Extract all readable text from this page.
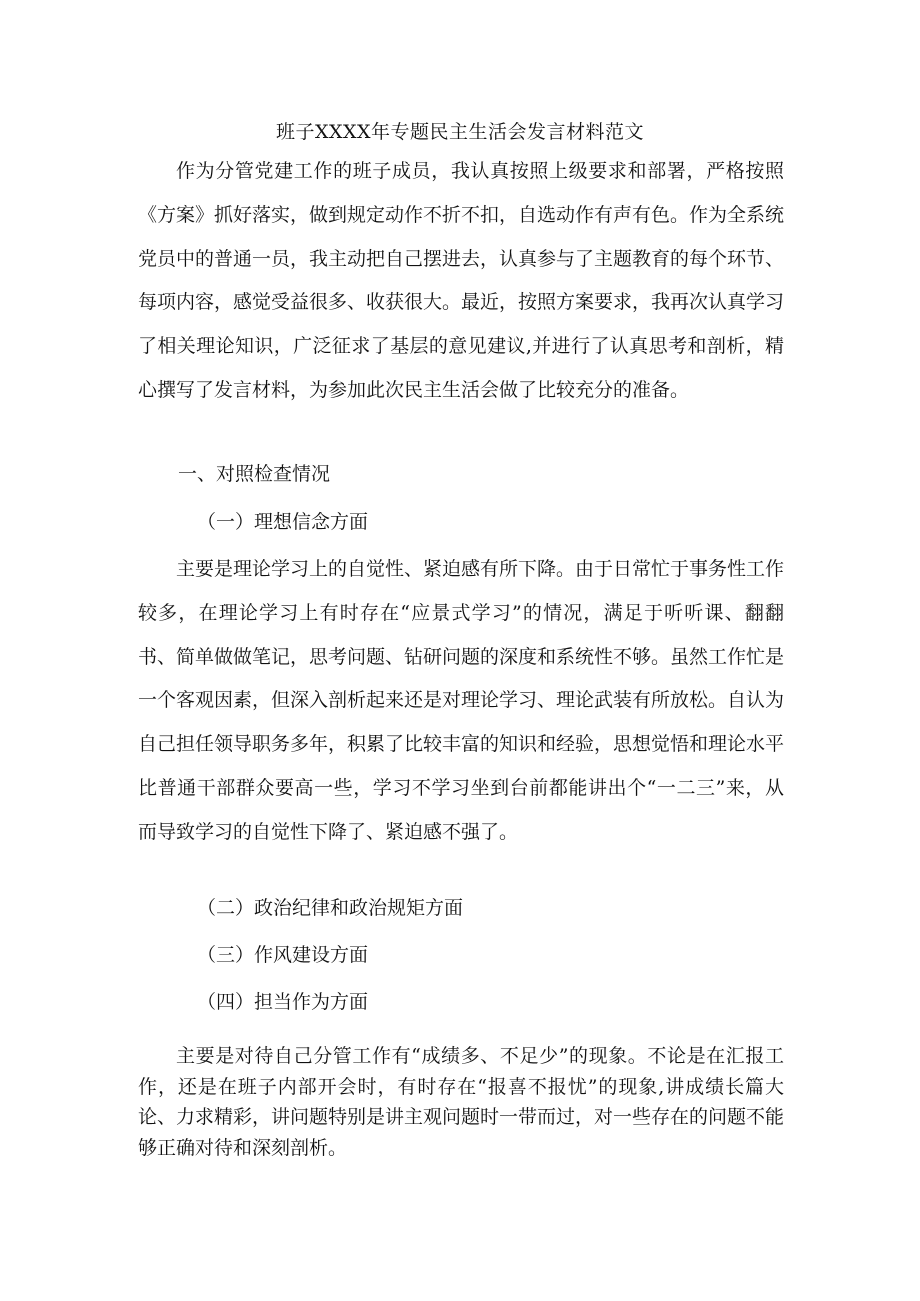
班子XXXX年专题民主生活会发言材料范文

作为分管党建工作的班子成员，我认真按照上级要求和部署，严格按照《方案》抓好落实，做到规定动作不折不扣，自选动作有声有色。作为全系统党员中的普通一员，我主动把自己摆进去，认真参与了主题教育的每个环节、每项内容，感觉受益很多、收获很大。最近，按照方案要求，我再次认真学习了相关理论知识，广泛征求了基层的意见建议,并进行了认真思考和剖析，精心撰写了发言材料，为参加此次民主生活会做了比较充分的准备。

一、对照检查情况

（一）理想信念方面

主要是理论学习上的自觉性、紧迫感有所下降。由于日常忙于事务性工作较多，在理论学习上有时存在“应景式学习”的情况，满足于听听课、翻翻书、简单做做笔记，思考问题、钻研问题的深度和系统性不够。虽然工作忙是一个客观因素，但深入剖析起来还是对理论学习、理论武装有所放松。自认为自己担任领导职务多年，积累了比较丰富的知识和经验，思想觉悟和理论水平比普通干部群众要高一些，学习不学习坐到台前都能讲出个“一二三”来，从而导致学习的自觉性下降了、紧迫感不强了。

（二）政治纪律和政治规矩方面

（三）作风建设方面

（四）担当作为方面

主要是对待自己分管工作有“成绩多、不足少”的现象。不论是在汇报工作，还是在班子内部开会时，有时存在“报喜不报忧”的现象,讲成绩长篇大论、力求精彩，讲问题特别是讲主观问题时一带而过，对一些存在的问题不能够正确对待和深刻剖析。
